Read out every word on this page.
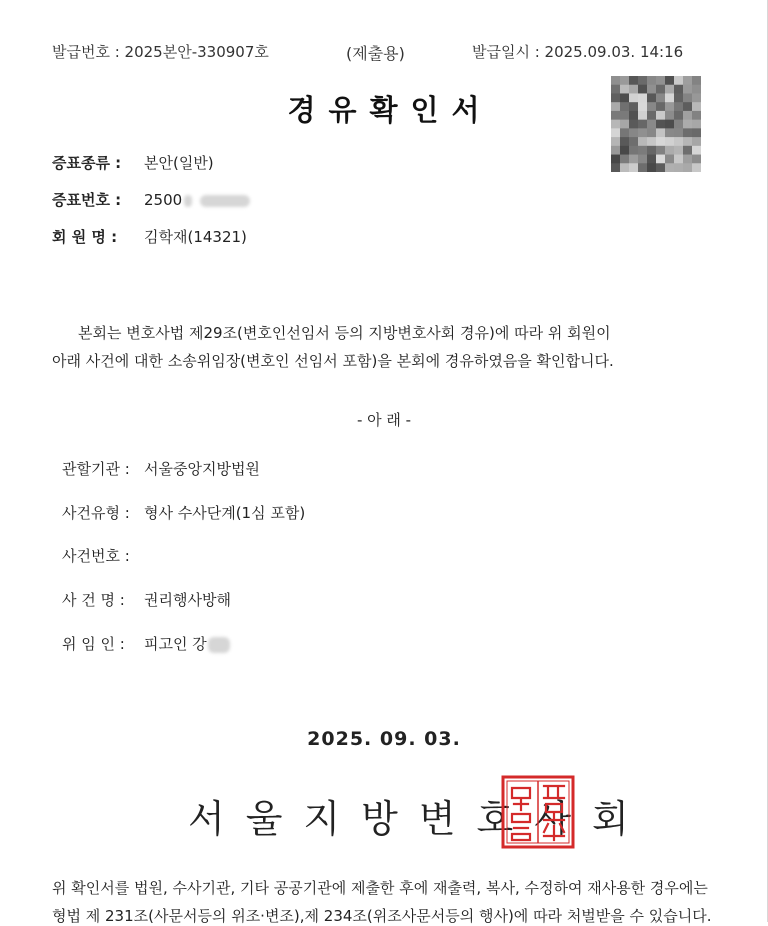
발급번호 : 2025본안-330907호	(제출용)	발급일시 : 2025.09.03. 14:16
경유확인서
증표종류 : 본안(일반)
증표번호 : 2500
회 원 명 : 김학재(14321)
본회는 변호사법 제29조(변호인선임서 등의 지방변호사회 경유)에 따라 위 회원이
아래 사건에 대한 소송위임장(변호인 선임서 포함)을 본회에 경유하였음을 확인합니다.
- 아 래 -
관할기관 : 서울중앙지방법원
사건유형 : 형사 수사단계(1심 포함)
사건번호 :
사 건 명 : 권리행사방해
위 임 인 : 피고인 강
2025. 09. 03.
서울지방변호사회
위 확인서를 법원, 수사기관, 기타 공공기관에 제출한 후에 재출력, 복사, 수정하여 재사용한 경우에는
형법 제 231조(사문서등의 위조·변조),제 234조(위조사문서등의 행사)에 따라 처벌받을 수 있습니다.
